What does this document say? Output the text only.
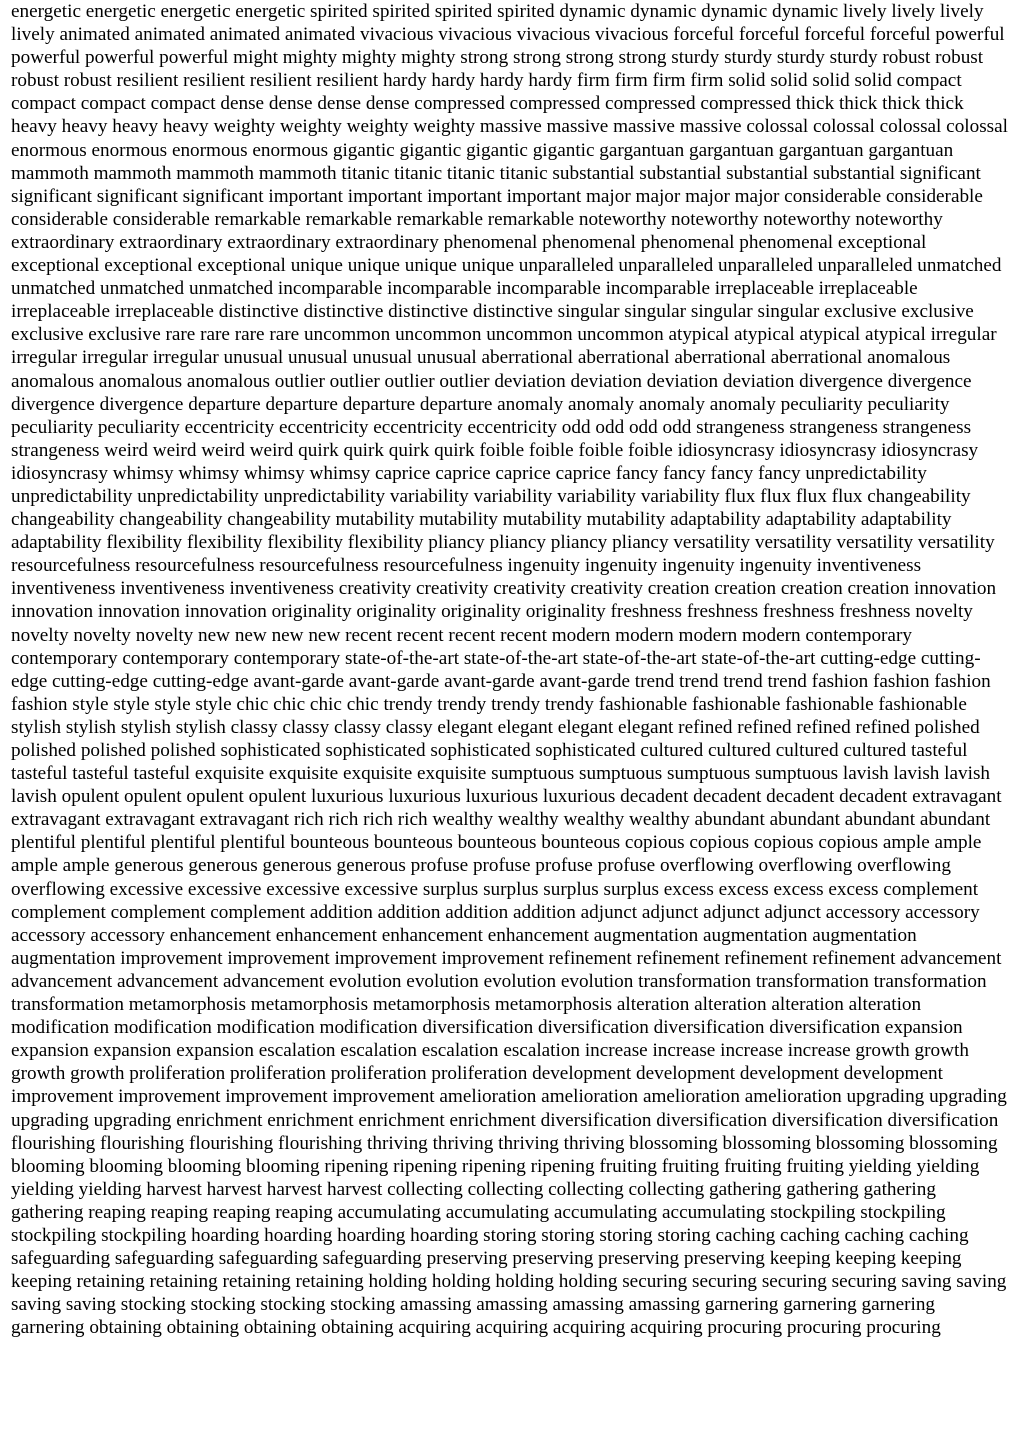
energetic energetic energetic energetic spirited spirited spirited spirited dynamic dynamic dynamic dynamic lively lively lively lively animated animated animated animated vivacious vivacious vivacious vivacious forceful forceful forceful forceful powerful powerful powerful powerful might mighty mighty mighty strong strong strong strong sturdy sturdy sturdy sturdy robust robust robust robust resilient resilient resilient resilient hardy hardy hardy hardy firm firm firm firm solid solid solid solid compact compact compact compact dense dense dense dense compressed compressed compressed compressed thick thick thick thick heavy heavy heavy heavy weighty weighty weighty weighty massive massive massive massive colossal colossal colossal colossal enormous enormous enormous enormous gigantic gigantic gigantic gigantic gargantuan gargantuan gargantuan gargantuan mammoth mammoth mammoth mammoth titanic titanic titanic titanic substantial substantial substantial substantial significant significant significant significant important important important important major major major major considerable considerable considerable considerable remarkable remarkable remarkable remarkable noteworthy noteworthy noteworthy noteworthy extraordinary extraordinary extraordinary extraordinary phenomenal phenomenal phenomenal phenomenal exceptional exceptional exceptional exceptional unique unique unique unique unparalleled unparalleled unparalleled unparalleled unmatched unmatched unmatched unmatched incomparable incomparable incomparable incomparable irreplaceable irreplaceable irreplaceable irreplaceable distinctive distinctive distinctive distinctive singular singular singular singular exclusive exclusive exclusive exclusive rare rare rare rare uncommon uncommon uncommon uncommon atypical atypical atypical atypical irregular irregular irregular irregular unusual unusual unusual unusual aberrational aberrational aberrational aberrational anomalous anomalous anomalous anomalous outlier outlier outlier outlier deviation deviation deviation deviation divergence divergence divergence divergence departure departure departure departure anomaly anomaly anomaly anomaly peculiarity peculiarity peculiarity peculiarity eccentricity eccentricity eccentricity eccentricity odd odd odd odd strangeness strangeness strangeness strangeness weird weird weird weird quirk quirk quirk quirk foible foible foible foible idiosyncrasy idiosyncrasy idiosyncrasy idiosyncrasy whimsy whimsy whimsy whimsy caprice caprice caprice caprice fancy fancy fancy fancy unpredictability unpredictability unpredictability unpredictability variability variability variability variability flux flux flux flux changeability changeability changeability changeability mutability mutability mutability mutability adaptability adaptability adaptability adaptability flexibility flexibility flexibility flexibility pliancy pliancy pliancy pliancy versatility versatility versatility versatility resourcefulness resourcefulness resourcefulness resourcefulness ingenuity ingenuity ingenuity ingenuity inventiveness inventiveness inventiveness inventiveness creativity creativity creativity creativity creation creation creation creation innovation innovation innovation innovation originality originality originality originality freshness freshness freshness freshness novelty novelty novelty novelty new new new new recent recent recent recent modern modern modern modern contemporary contemporary contemporary contemporary state-of-the-art state-of-the-art state-of-the-art state-of-the-art cutting-edge cutting-edge cutting-edge cutting-edge avant-garde avant-garde avant-garde avant-garde trend trend trend trend fashion fashion fashion fashion style style style style chic chic chic chic trendy trendy trendy trendy fashionable fashionable fashionable fashionable stylish stylish stylish stylish classy classy classy classy elegant elegant elegant elegant refined refined refined refined polished polished polished polished sophisticated sophisticated sophisticated sophisticated cultured cultured cultured cultured tasteful tasteful tasteful tasteful exquisite exquisite exquisite exquisite sumptuous sumptuous sumptuous sumptuous lavish lavish lavish lavish opulent opulent opulent opulent luxurious luxurious luxurious luxurious decadent decadent decadent decadent extravagant extravagant extravagant extravagant rich rich rich rich wealthy wealthy wealthy wealthy abundant abundant abundant abundant plentiful plentiful plentiful plentiful bounteous bounteous bounteous bounteous copious copious copious copious ample ample ample ample generous generous generous generous profuse profuse profuse profuse overflowing overflowing overflowing overflowing excessive excessive excessive excessive surplus surplus surplus surplus excess excess excess excess complement complement complement complement addition addition addition addition adjunct adjunct adjunct adjunct accessory accessory accessory accessory enhancement enhancement enhancement enhancement augmentation augmentation augmentation augmentation improvement improvement improvement improvement refinement refinement refinement refinement advancement advancement advancement advancement evolution evolution evolution evolution transformation transformation transformation transformation metamorphosis metamorphosis metamorphosis metamorphosis alteration alteration alteration alteration modification modification modification modification diversification diversification diversification diversification expansion expansion expansion expansion escalation escalation escalation escalation increase increase increase increase growth growth growth growth proliferation proliferation proliferation proliferation development development development development improvement improvement improvement improvement amelioration amelioration amelioration amelioration upgrading upgrading upgrading upgrading enrichment enrichment enrichment enrichment diversification diversification diversification diversification flourishing flourishing flourishing flourishing thriving thriving thriving thriving blossoming blossoming blossoming blossoming blooming blooming blooming blooming ripening ripening ripening ripening fruiting fruiting fruiting fruiting yielding yielding yielding yielding harvest harvest harvest harvest collecting collecting collecting collecting gathering gathering gathering gathering reaping reaping reaping reaping accumulating accumulating accumulating accumulating stockpiling stockpiling stockpiling stockpiling hoarding hoarding hoarding hoarding storing storing storing storing caching caching caching caching safeguarding safeguarding safeguarding safeguarding preserving preserving preserving preserving keeping keeping keeping keeping retaining retaining retaining retaining holding holding holding holding securing securing securing securing saving saving saving saving stocking stocking stocking stocking amassing amassing amassing amassing garnering garnering garnering garnering obtaining obtaining obtaining obtaining acquiring acquiring acquiring acquiring procuring procuring procuring
